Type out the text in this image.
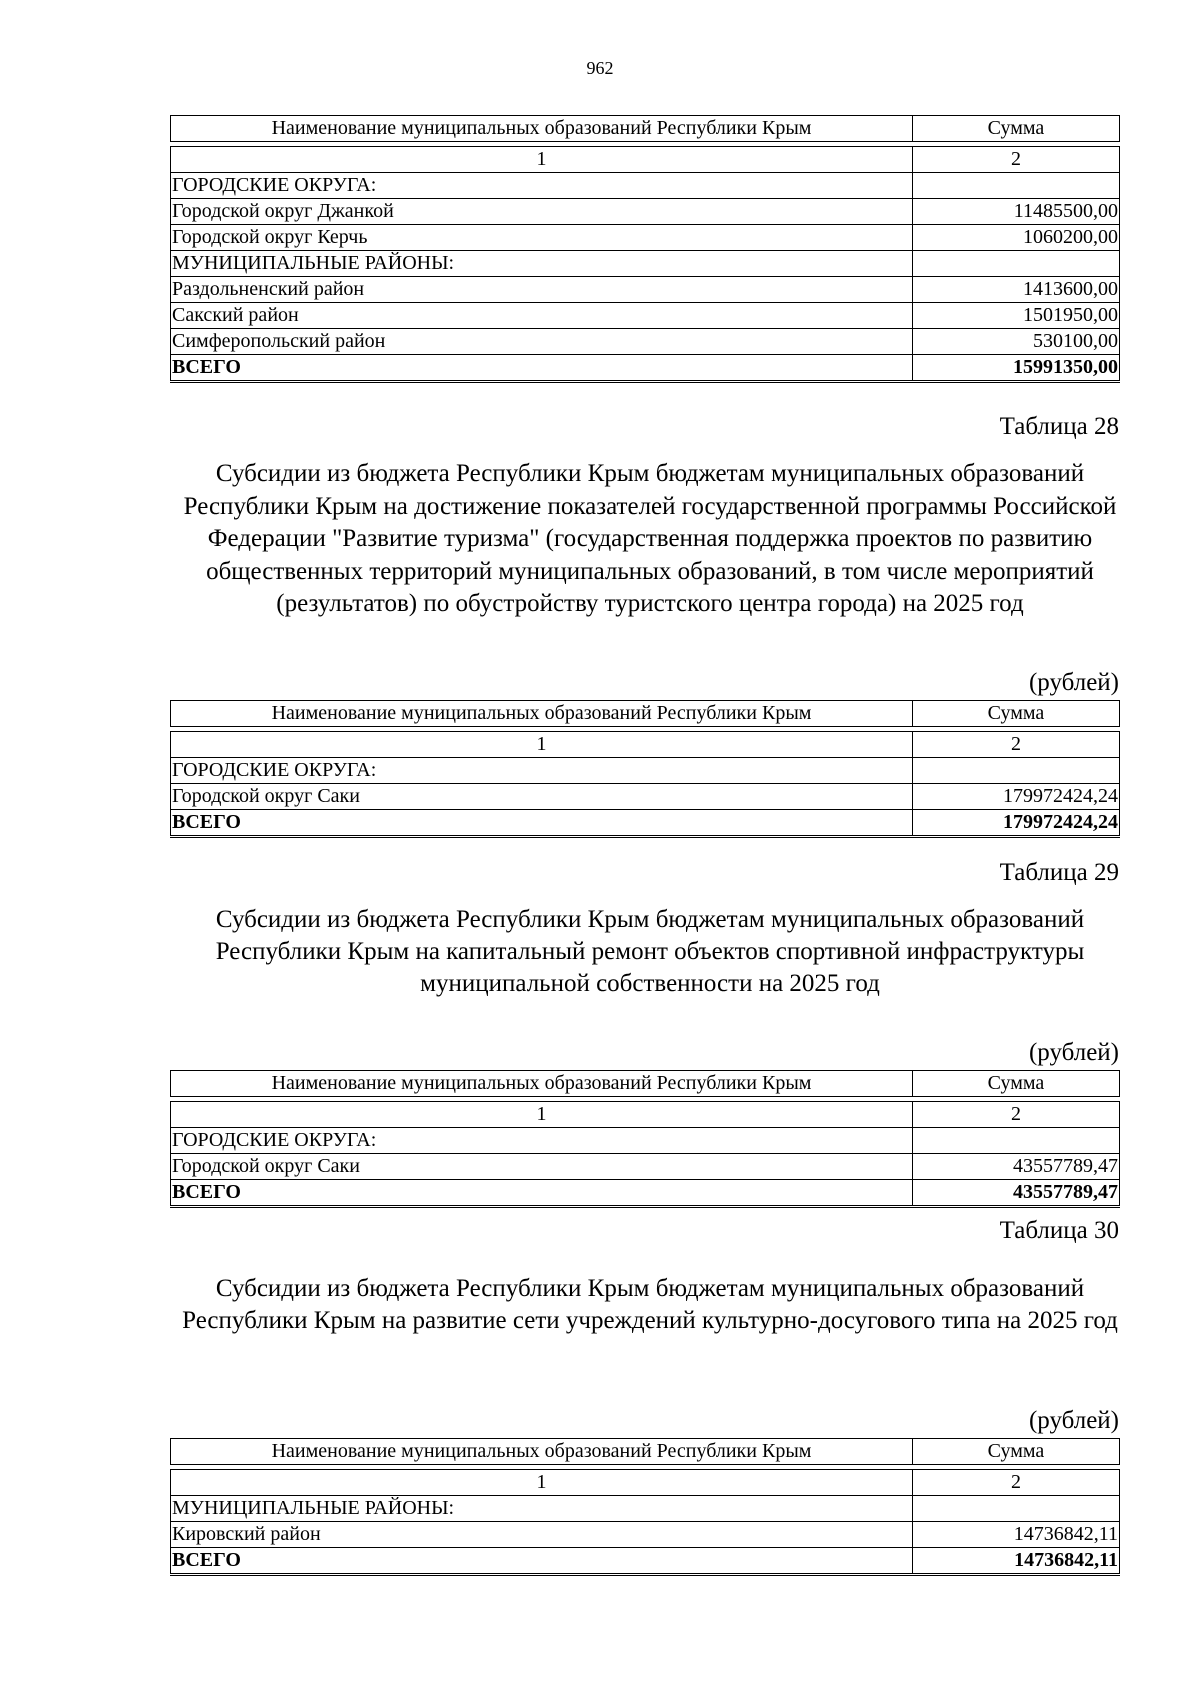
962
Наименование муниципальных образований Республики Крым	Сумма

1	2
ГОРОДСКИЕ ОКРУГА:	
Городской округ Джанкой	11485500,00
Городской округ Керчь	1060200,00
МУНИЦИПАЛЬНЫЕ РАЙОНЫ:	
Раздольненский район	1413600,00
Сакский район	1501950,00
Симферопольский район	530100,00
ВСЕГО	15991350,00
Таблица 28
Субсидии из бюджета Республики Крым бюджетам муниципальных образований Республики Крым на достижение показателей государственной программы Российской Федерации "Развитие туризма" (государственная поддержка проектов по развитию общественных территорий муниципальных образований, в том числе мероприятий (результатов) по обустройству туристского центра города) на 2025 год
(рублей)
Наименование муниципальных образований Республики Крым	Сумма

1	2
ГОРОДСКИЕ ОКРУГА:	
Городской округ Саки	179972424,24
ВСЕГО	179972424,24
Таблица 29
Субсидии из бюджета Республики Крым бюджетам муниципальных образований Республики Крым на капитальный ремонт объектов спортивной инфраструктуры муниципальной собственности на 2025 год
(рублей)
Наименование муниципальных образований Республики Крым	Сумма

1	2
ГОРОДСКИЕ ОКРУГА:	
Городской округ Саки	43557789,47
ВСЕГО	43557789,47
Таблица 30
Субсидии из бюджета Республики Крым бюджетам муниципальных образований Республики Крым на развитие сети учреждений культурно-досугового типа на 2025 год
(рублей)
Наименование муниципальных образований Республики Крым	Сумма

1	2
МУНИЦИПАЛЬНЫЕ РАЙОНЫ:	
Кировский район	14736842,11
ВСЕГО	14736842,11
